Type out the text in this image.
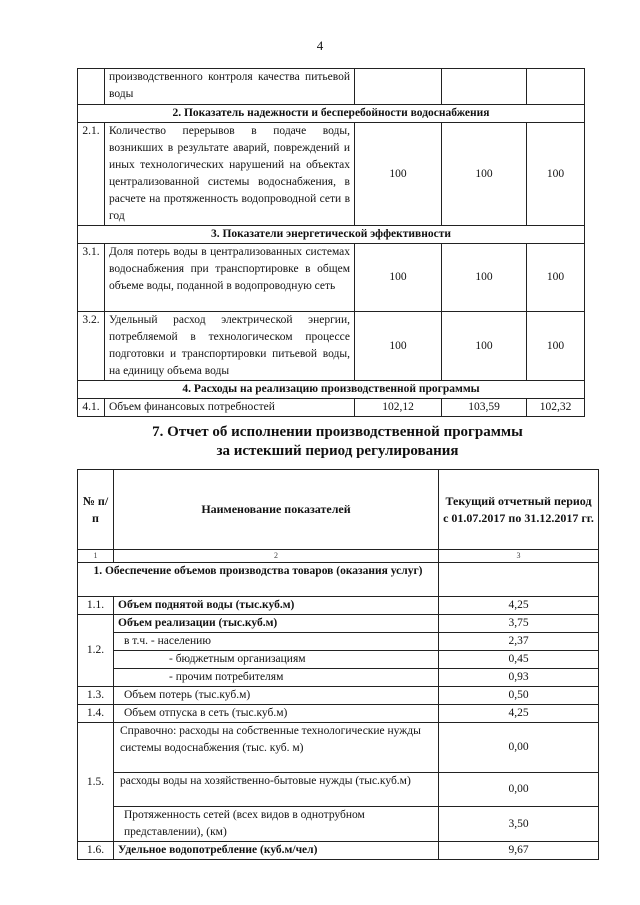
4
	производственного контроля качества питьевой воды			
2. Показатель надежности и бесперебойности водоснабжения				
2.1.	Количество перерывов в подаче воды, возникших в результате аварий, повреждений и иных технологических нарушений на объектах централизованной системы водоснабжения, в расчете на протяженность водопроводной сети в год	100	100	100
3. Показатели энергетической эффективности				
3.1.	Доля потерь воды в централизованных системах водоснабжения при транспортировке в общем объеме воды, поданной в водопроводную сеть	100	100	100
3.2.	Удельный расход электрической энергии, потребляемой в технологическом процессе подготовки и транспортировки питьевой воды, на единицу объема воды	100	100	100
4. Расходы на реализацию производственной программы				
4.1.	Объем финансовых потребностей	102,12	103,59	102,32
7. Отчет об исполнении производственной программы
за истекший период регулирования
№ п/п	Наименование показателей	Текущий отчетный период с 01.07.2017 по 31.12.2017 гг.
1	2	3
1. Обеспечение объемов производства товаров (оказания услуг)		
1.1.	Объем поднятой воды (тыс.куб.м)	4,25
1.2.	Объем реализации (тыс.куб.м)	3,75
	в т.ч. - населению	2,37
	- бюджетным организациям	0,45
	- прочим потребителям	0,93
1.3.	Объем потерь (тыс.куб.м)	0,50
1.4.	Объем отпуска в сеть (тыс.куб.м)	4,25
1.5.	Справочно: расходы на собственные технологические нужды системы водоснабжения (тыс. куб. м)	0,00
	расходы воды на хозяйственно-бытовые нужды (тыс.куб.м)	0,00
	Протяженность сетей (всех видов в однотрубном представлении), (км)	3,50
1.6.	Удельное водопотребление (куб.м/чел)	9,67
